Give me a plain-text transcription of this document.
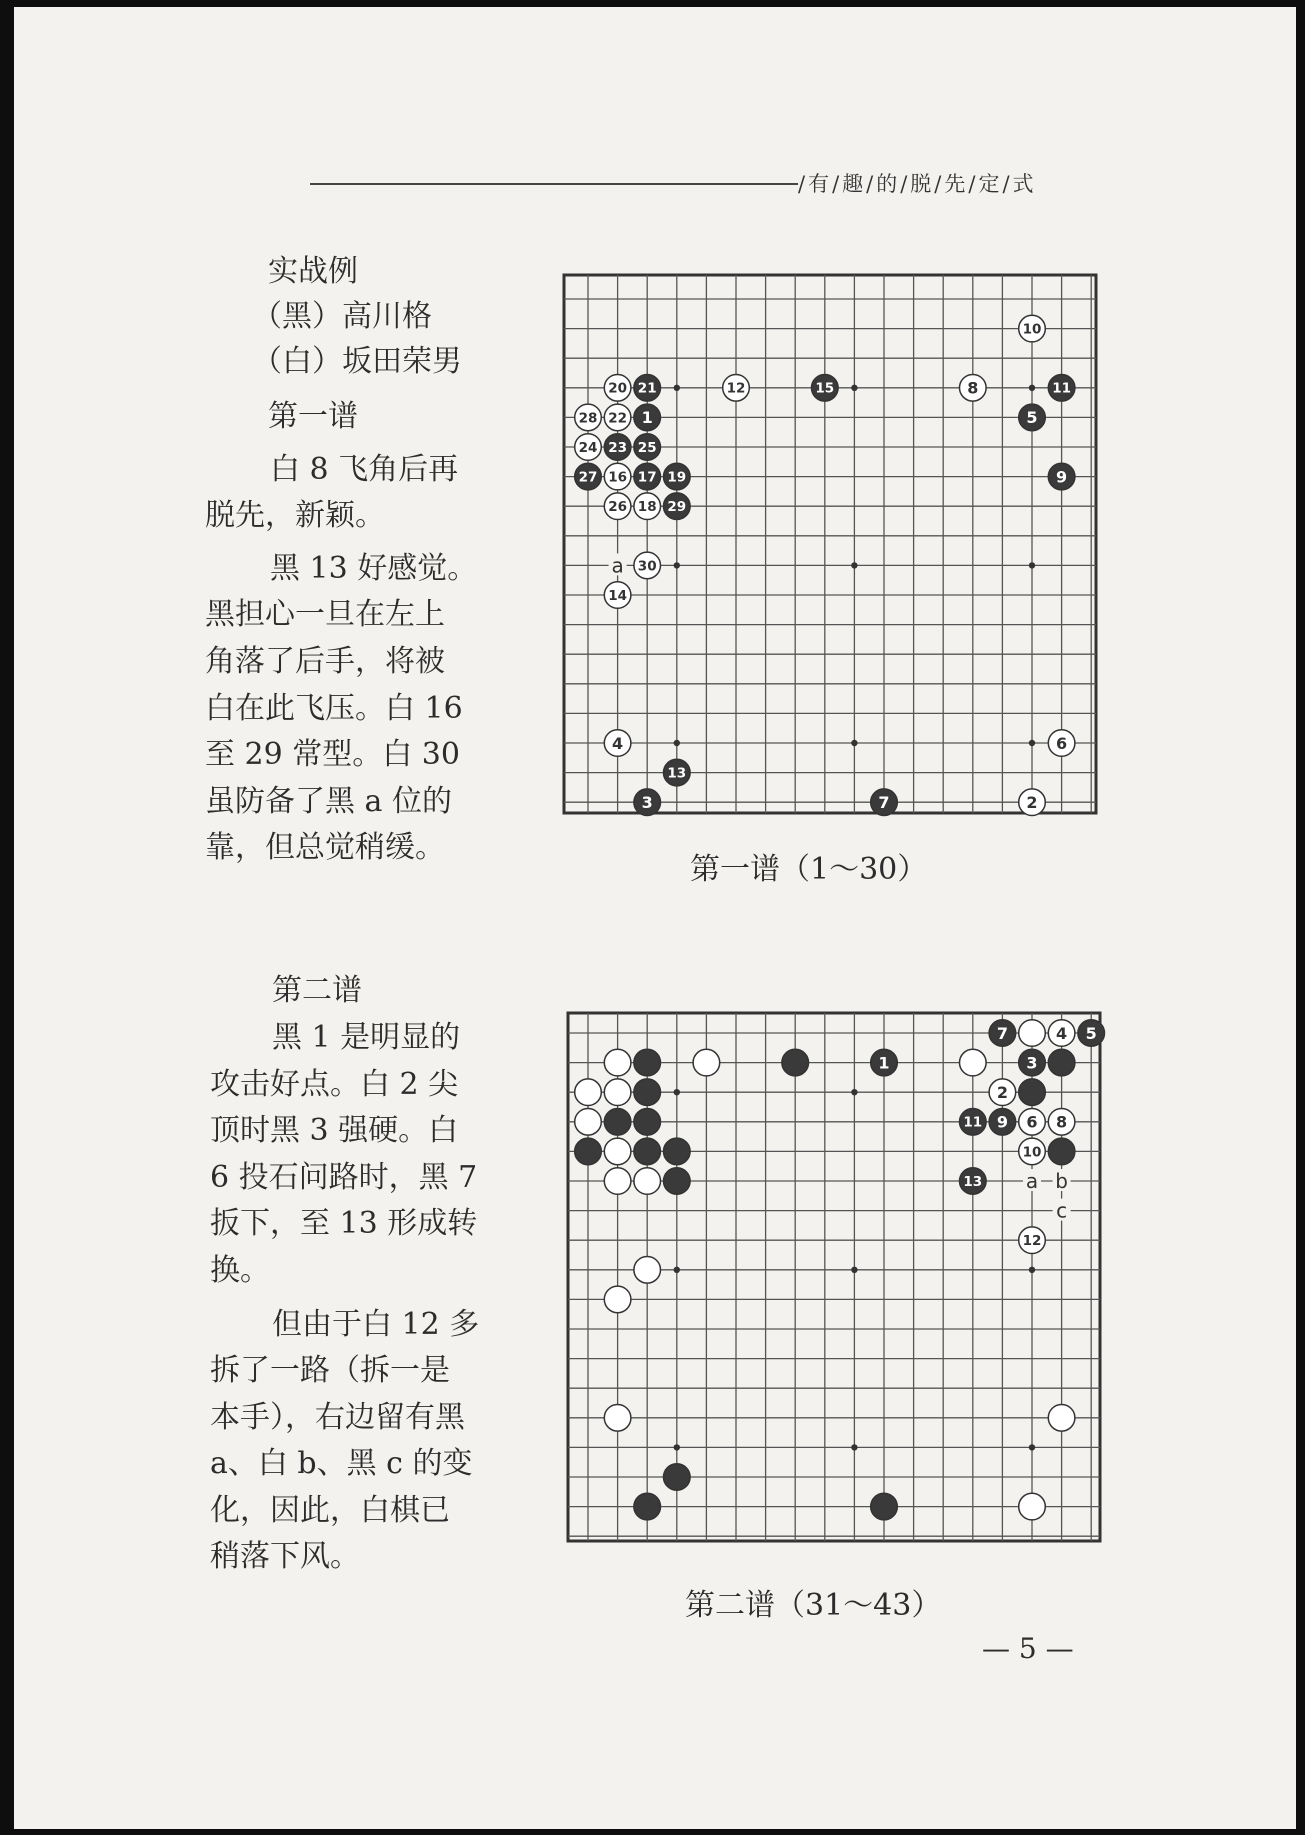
/有/趣/的/脱/先/定/式
实战例
（黑）高川格
（白）坂田荣男
第一谱
白 8 飞角后再
脱先，新颖。
黑 13 好感觉。
黑担心一旦在左上
角落了后手，将被
白在此飞压。白 16
至 29 常型。白 30
虽防备了黑 a 位的
靠，但总觉稍缓。
第二谱
黑 1 是明显的
攻击好点。白 2 尖
顶时黑 3 强硬。白
6 投石问路时，黑 7
扳下，至 13 形成转
换。
但由于白 12 多
拆了一路（拆一是
本手），右边留有黑
a、白 b、黑 c 的变
化，因此，白棋已
稍落下风。
a
10
20 21	12	15	8	11
28 22 1	5
24 23 25
27 16 17 19	9
26 18 29
30
14
4	6
13
3	7	2
第一谱（1～30）
a b
c
7	4 5
1	3
2
11 9 6 8
10
13
12
第二谱（31～43）
— 5 —
